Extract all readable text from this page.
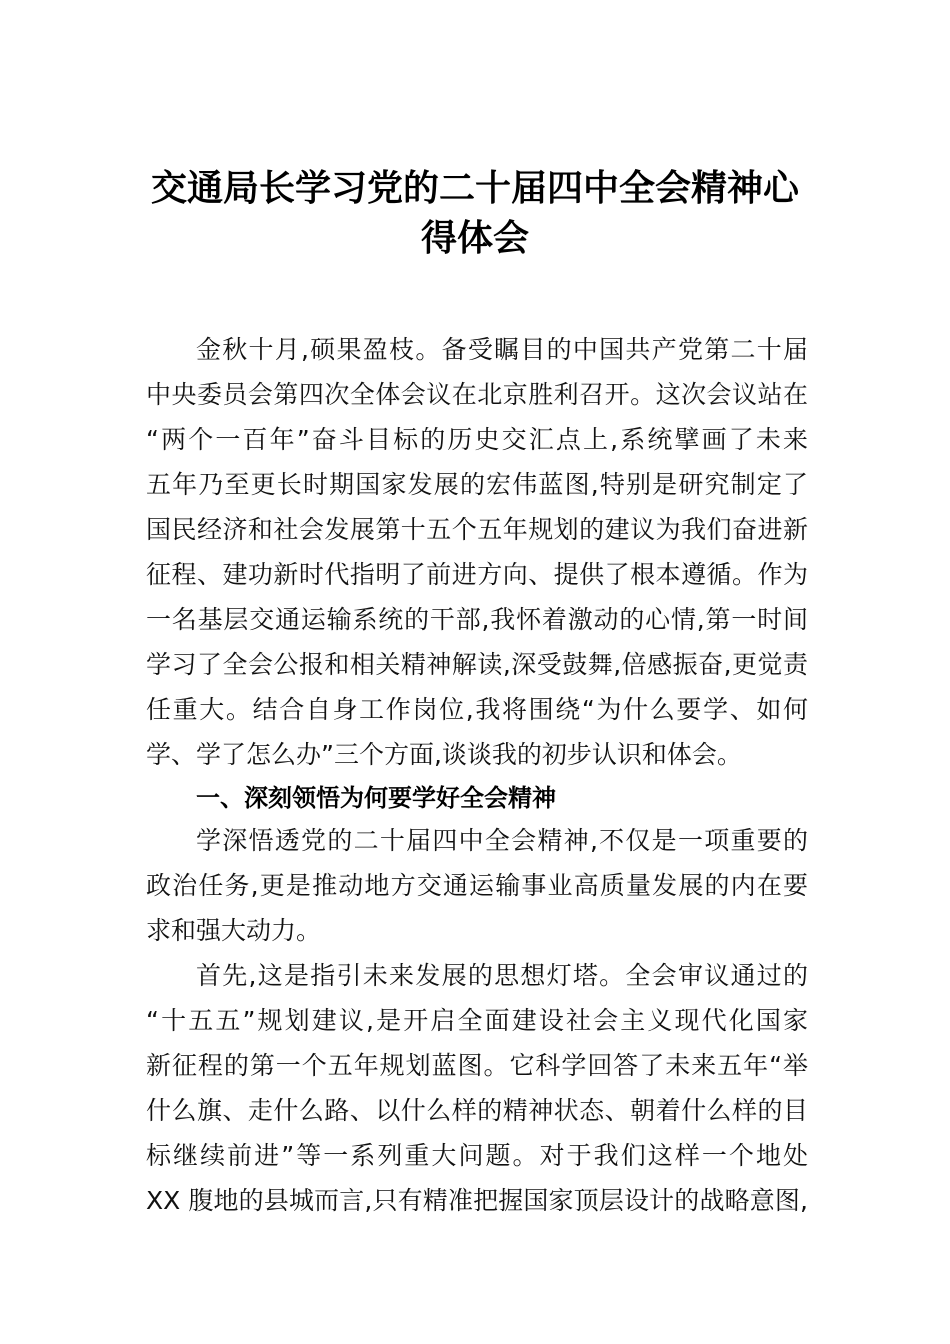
交通局长学习党的二十届四中全会精神心
得体会
金秋十月,硕果盈枝。备受瞩目的中国共产党第二十届
中央委员会第四次全体会议在北京胜利召开。这次会议站在
“两个一百年”奋斗目标的历史交汇点上,系统擘画了未来
五年乃至更长时期国家发展的宏伟蓝图,特别是研究制定了
国民经济和社会发展第十五个五年规划的建议为我们奋进新
征程、建功新时代指明了前进方向、提供了根本遵循。作为
一名基层交通运输系统的干部,我怀着激动的心情,第一时间
学习了全会公报和相关精神解读,深受鼓舞,倍感振奋,更觉责
任重大。结合自身工作岗位,我将围绕“为什么要学、如何
学、学了怎么办”三个方面,谈谈我的初步认识和体会。
一、深刻领悟为何要学好全会精神
学深悟透党的二十届四中全会精神,不仅是一项重要的
政治任务,更是推动地方交通运输事业高质量发展的内在要
求和强大动力。
首先,这是指引未来发展的思想灯塔。全会审议通过的
“十五五”规划建议,是开启全面建设社会主义现代化国家
新征程的第一个五年规划蓝图。它科学回答了未来五年“举
什么旗、走什么路、以什么样的精神状态、朝着什么样的目
标继续前进”等一系列重大问题。对于我们这样一个地处
XX 腹地的县城而言,只有精准把握国家顶层设计的战略意图,
